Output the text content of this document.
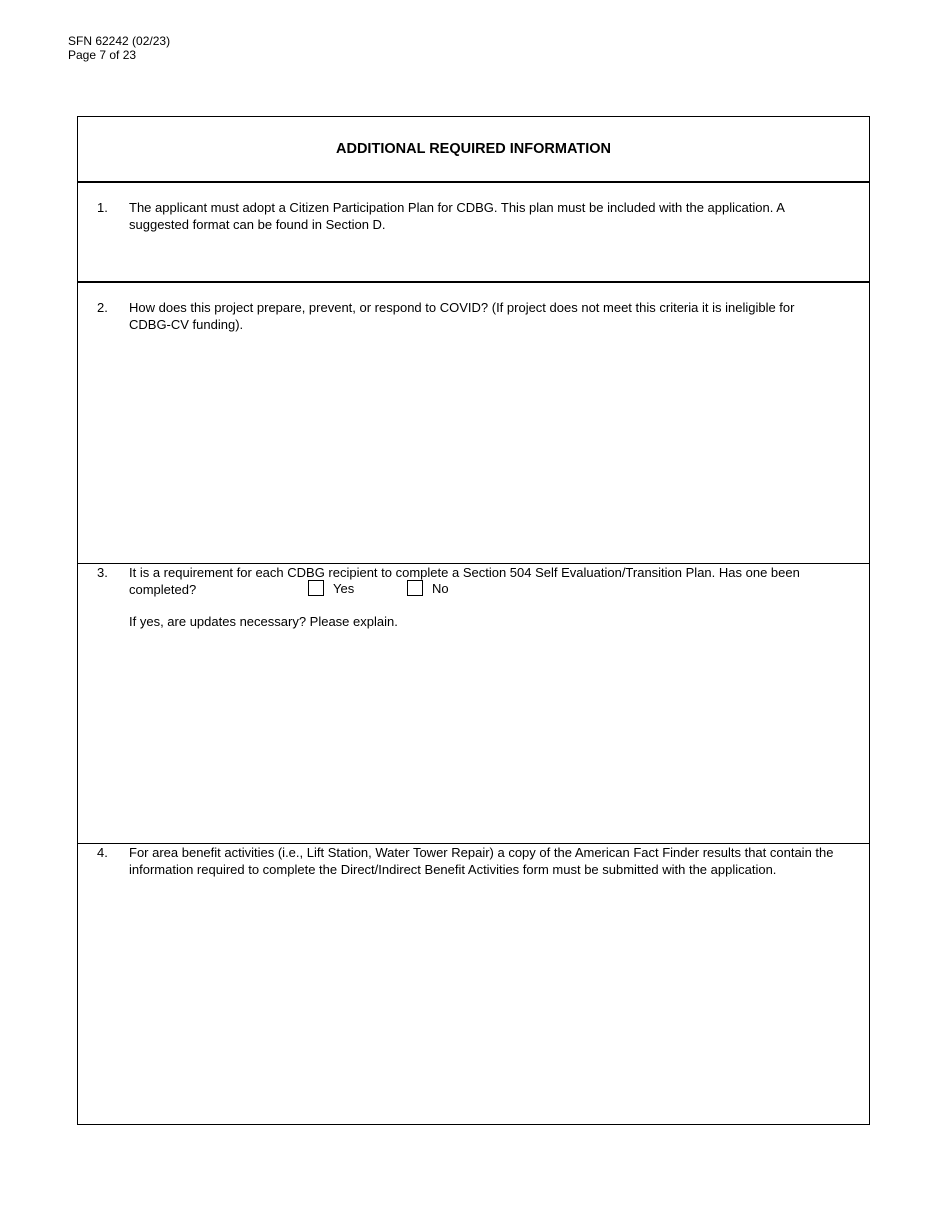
SFN 62242 (02/23)
Page 7 of 23
ADDITIONAL REQUIRED INFORMATION
1. The applicant must adopt a Citizen Participation Plan for CDBG. This plan must be included with the application. A suggested format can be found in Section D.
2. How does this project prepare, prevent, or respond to COVID? (If project does not meet this criteria it is ineligible for CDBG-CV funding).
3. It is a requirement for each CDBG recipient to complete a Section 504 Self Evaluation/Transition Plan. Has one been completed?	Yes	No
If yes, are updates necessary? Please explain.
4. For area benefit activities (i.e., Lift Station, Water Tower Repair) a copy of the American Fact Finder results that contain the information required to complete the Direct/Indirect Benefit Activities form must be submitted with the application.
